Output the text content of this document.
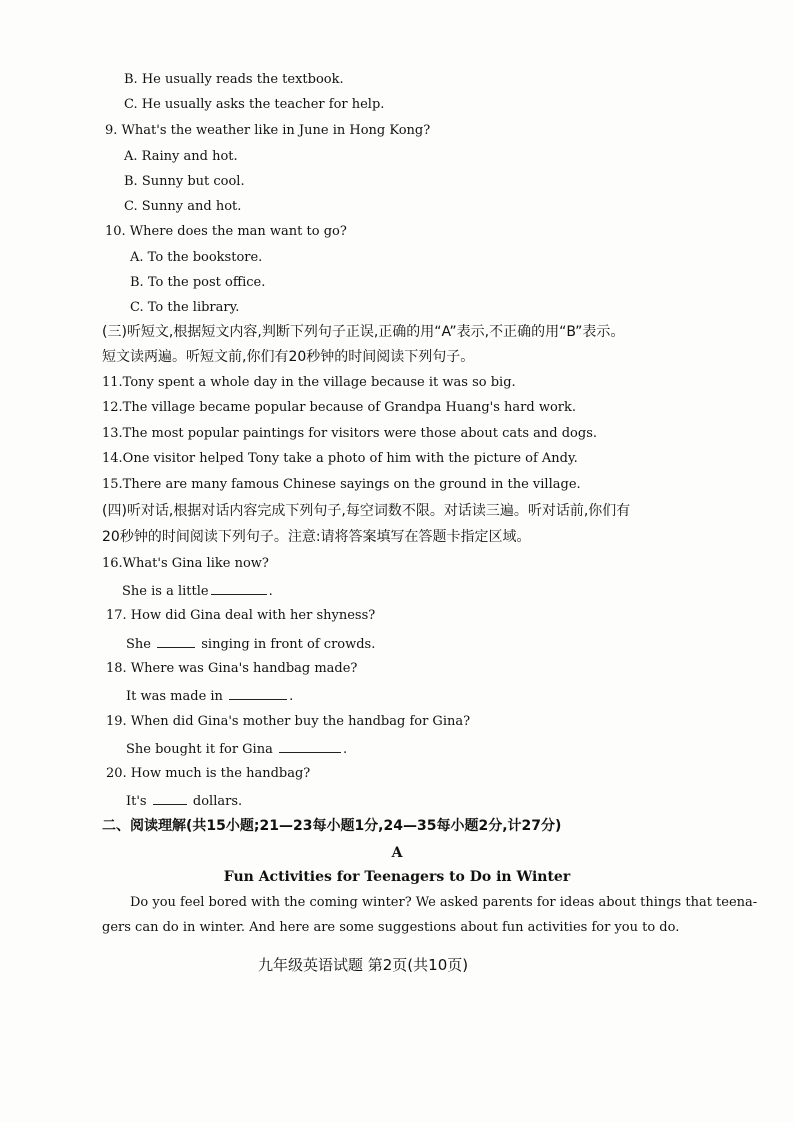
B. He usually reads the textbook.
C. He usually asks the teacher for help.
9. What's the weather like in June in Hong Kong?
A. Rainy and hot.
B. Sunny but cool.
C. Sunny and hot.
10. Where does the man want to go?
A. To the bookstore.
B. To the post office.
C. To the library.
(三)听短文,根据短文内容,判断下列句子正误,正确的用“A”表示,不正确的用“B”表示。
短文读两遍。听短文前,你们有20秒钟的时间阅读下列句子。
11.Tony spent a whole day in the village because it was so big.
12.The village became popular because of Grandpa Huang's hard work.
13.The most popular paintings for visitors were those about cats and dogs.
14.One visitor helped Tony take a photo of him with the picture of Andy.
15.There are many famous Chinese sayings on the ground in the village.
(四)听对话,根据对话内容完成下列句子,每空词数不限。对话读三遍。听对话前,你们有
20秒钟的时间阅读下列句子。注意:请将答案填写在答题卡指定区域。
16.What's Gina like now?
She is a little	.
17. How did Gina deal with her shyness?
She	singing in front of crowds.
18. Where was Gina's handbag made?
It was made in	.
19. When did Gina's mother buy the handbag for Gina?
She bought it for Gina	.
20. How much is the handbag?
It's	dollars.
二、阅读理解(共15小题;21—23每小题1分,24—35每小题2分,计27分)
A
Fun Activities for Teenagers to Do in Winter
Do you feel bored with the coming winter? We asked parents for ideas about things that teena-
gers can do in winter. And here are some suggestions about fun activities for you to do.
九年级英语试题 第2页(共10页)
